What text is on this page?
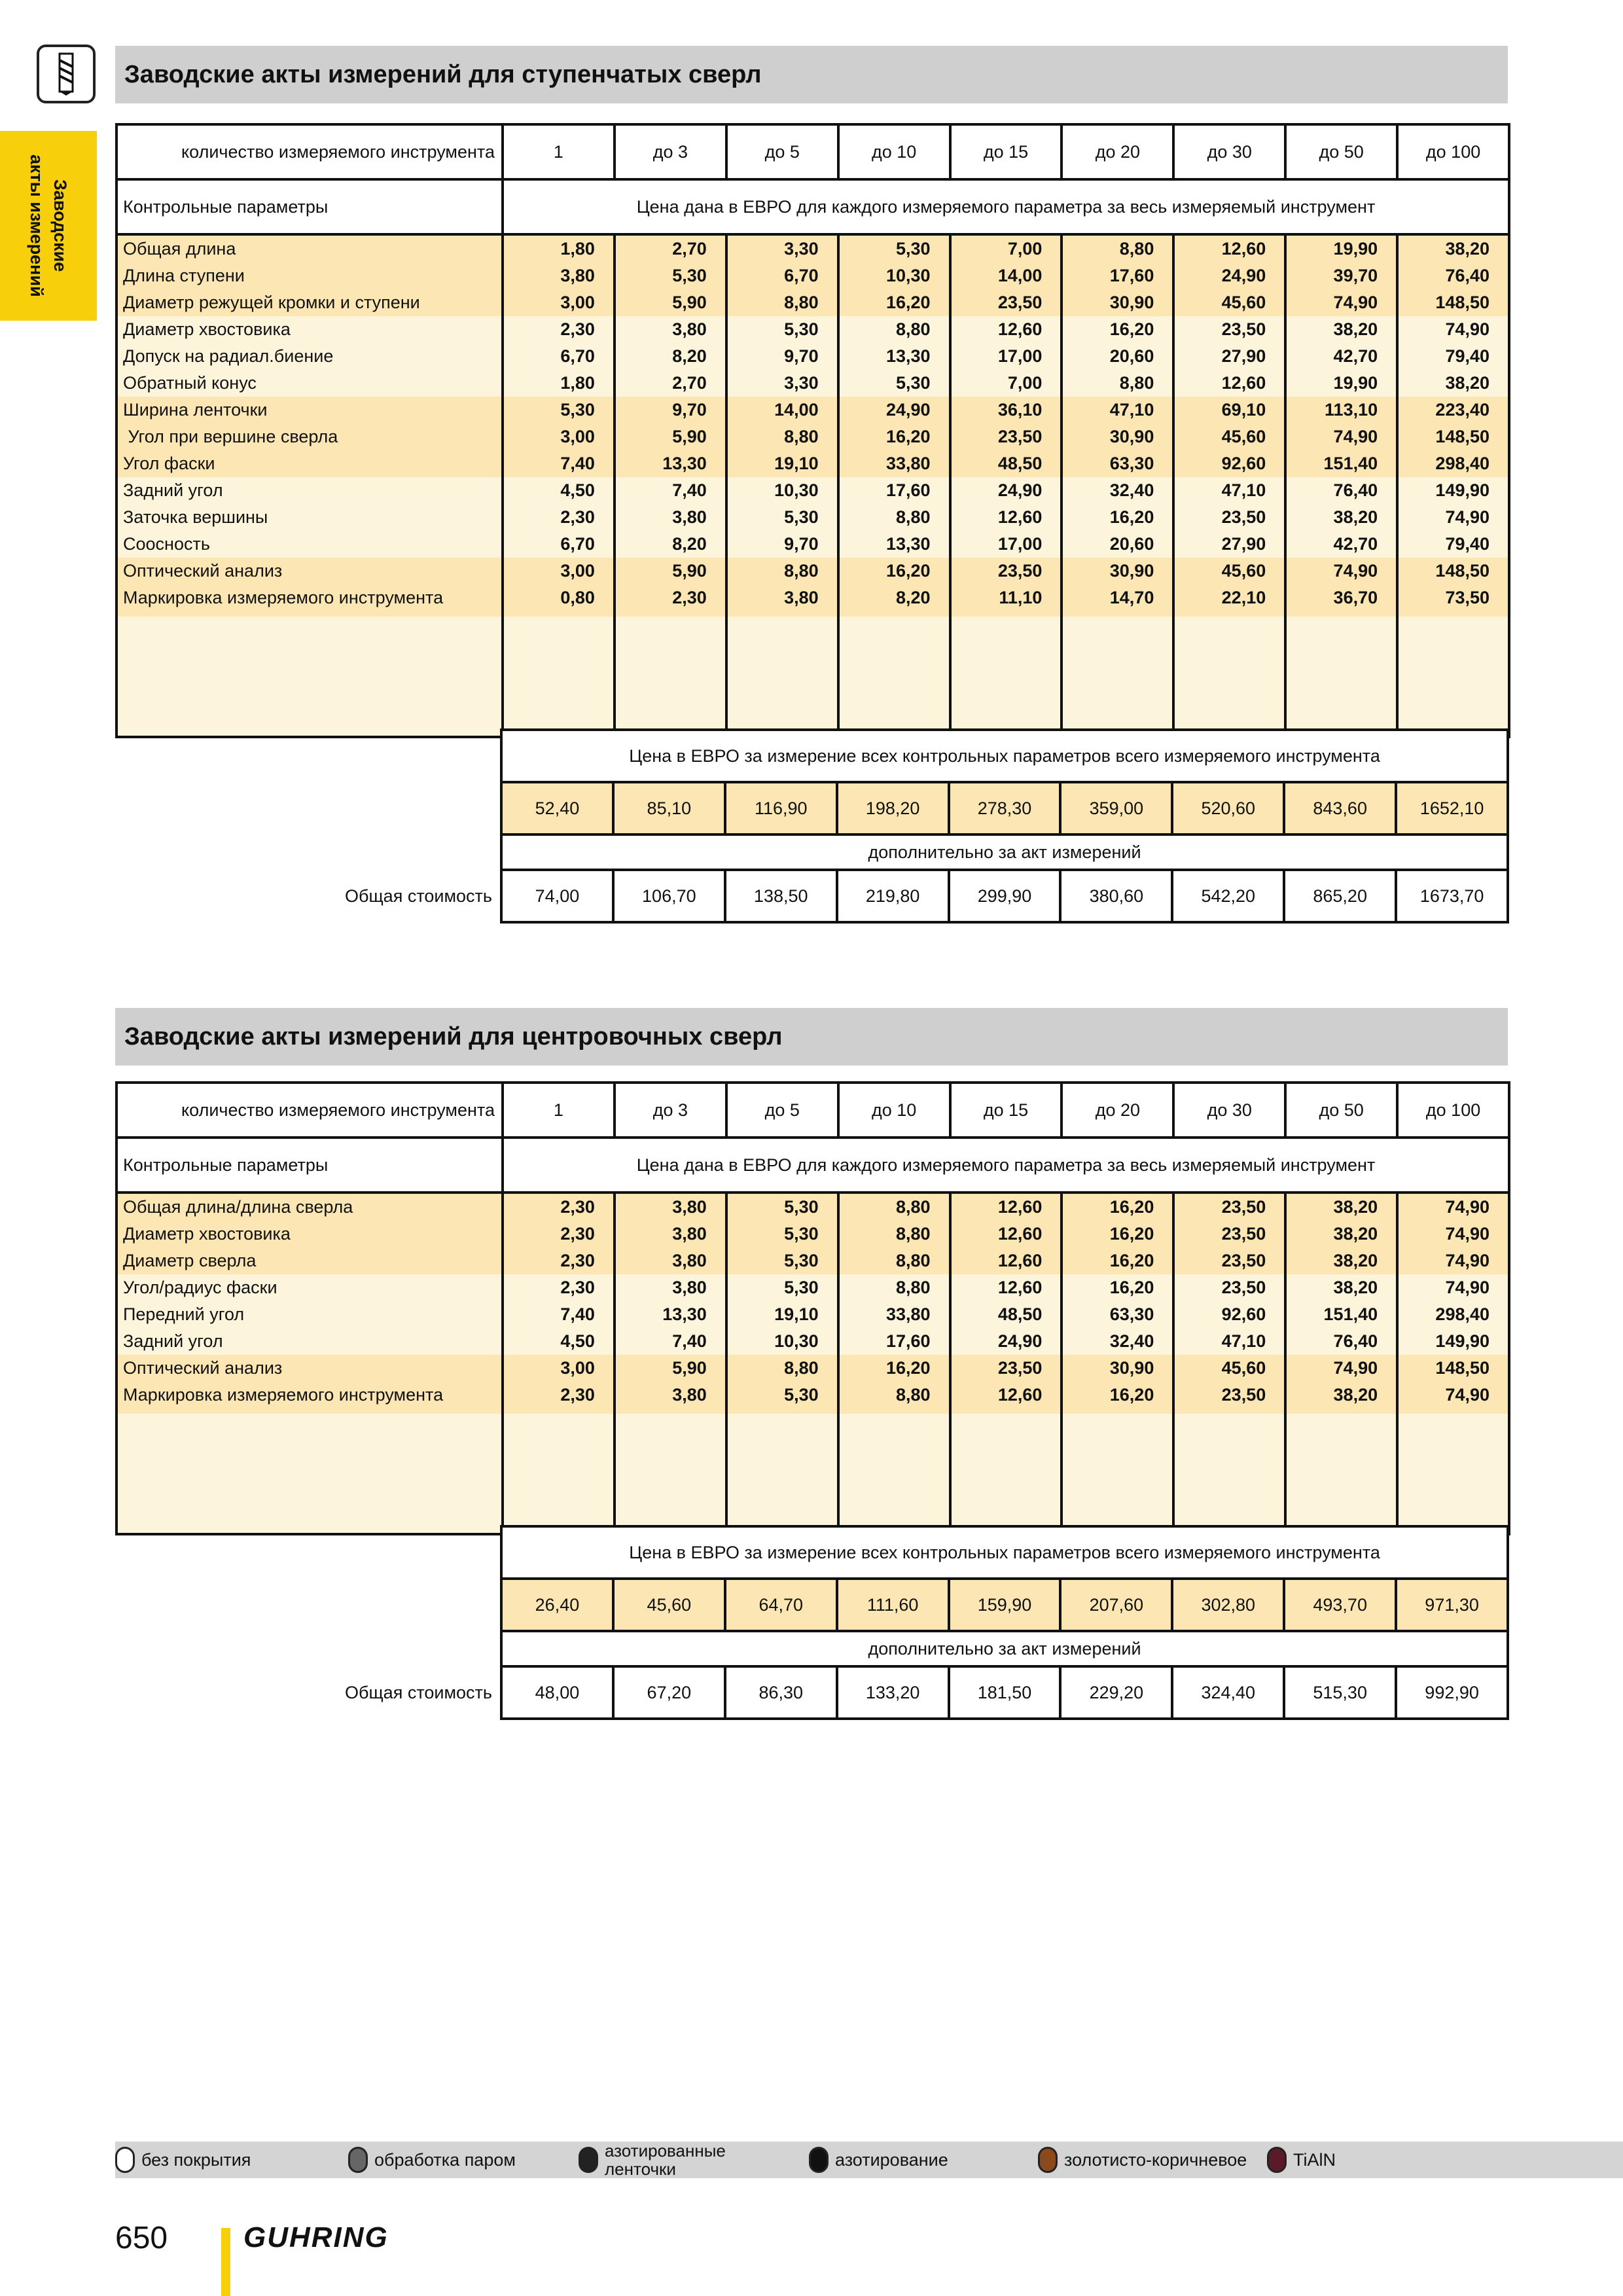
Заводские
акты измерений
Заводские акты измерений для ступенчатых сверл
количество измеряемого инструмента	1	до 3	до 5	до 10	до 15	до 20	до 30	до 50	до 100
Контрольные параметры	Цена дана в ЕВРО для каждого измеряемого параметра за весь измеряемый инструмент								
Общая длина	1,80	2,70	3,30	5,30	7,00	8,80	12,60	19,90	38,20
Длина ступени	3,80	5,30	6,70	10,30	14,00	17,60	24,90	39,70	76,40
Диаметр режущей кромки и ступени	3,00	5,90	8,80	16,20	23,50	30,90	45,60	74,90	148,50
Диаметр хвостовика	2,30	3,80	5,30	8,80	12,60	16,20	23,50	38,20	74,90
Допуск на радиал.биение	6,70	8,20	9,70	13,30	17,00	20,60	27,90	42,70	79,40
Обратный конус	1,80	2,70	3,30	5,30	7,00	8,80	12,60	19,90	38,20
Ширина ленточки	5,30	9,70	14,00	24,90	36,10	47,10	69,10	113,10	223,40
Угол при вершине сверла	3,00	5,90	8,80	16,20	23,50	30,90	45,60	74,90	148,50
Угол фаски	7,40	13,30	19,10	33,80	48,50	63,30	92,60	151,40	298,40
Задний угол	4,50	7,40	10,30	17,60	24,90	32,40	47,10	76,40	149,90
Заточка вершины	2,30	3,80	5,30	8,80	12,60	16,20	23,50	38,20	74,90
Соосность	6,70	8,20	9,70	13,30	17,00	20,60	27,90	42,70	79,40
Оптический анализ	3,00	5,90	8,80	16,20	23,50	30,90	45,60	74,90	148,50
Маркировка измеряемого инструмента	0,80	2,30	3,80	8,20	11,10	14,70	22,10	36,70	73,50

	Цена в ЕВРО за измерение всех контрольных параметров всего измеряемого инструмента								
	52,40	85,10	116,90	198,20	278,30	359,00	520,60	843,60	1652,10
	дополнительно за акт измерений								
Общая стоимость	74,00	106,70	138,50	219,80	299,90	380,60	542,20	865,20	1673,70
Заводские акты измерений для центровочных сверл
количество измеряемого инструмента	1	до 3	до 5	до 10	до 15	до 20	до 30	до 50	до 100
Контрольные параметры	Цена дана в ЕВРО для каждого измеряемого параметра за весь измеряемый инструмент								
Общая длина/длина сверла	2,30	3,80	5,30	8,80	12,60	16,20	23,50	38,20	74,90
Диаметр хвостовика	2,30	3,80	5,30	8,80	12,60	16,20	23,50	38,20	74,90
Диаметр сверла	2,30	3,80	5,30	8,80	12,60	16,20	23,50	38,20	74,90
Угол/радиус фаски	2,30	3,80	5,30	8,80	12,60	16,20	23,50	38,20	74,90
Передний угол	7,40	13,30	19,10	33,80	48,50	63,30	92,60	151,40	298,40
Задний угол	4,50	7,40	10,30	17,60	24,90	32,40	47,10	76,40	149,90
Оптический анализ	3,00	5,90	8,80	16,20	23,50	30,90	45,60	74,90	148,50
Маркировка измеряемого инструмента	2,30	3,80	5,30	8,80	12,60	16,20	23,50	38,20	74,90

	Цена в ЕВРО за измерение всех контрольных параметров всего измеряемого инструмента								
	26,40	45,60	64,70	111,60	159,90	207,60	302,80	493,70	971,30
	дополнительно за акт измерений								
Общая стоимость	48,00	67,20	86,30	133,20	181,50	229,20	324,40	515,30	992,90
без покрытия	обработка паром	азотированные ленточки	азотирование	золотисто-коричневое	TiAlN
650	GUHRING
